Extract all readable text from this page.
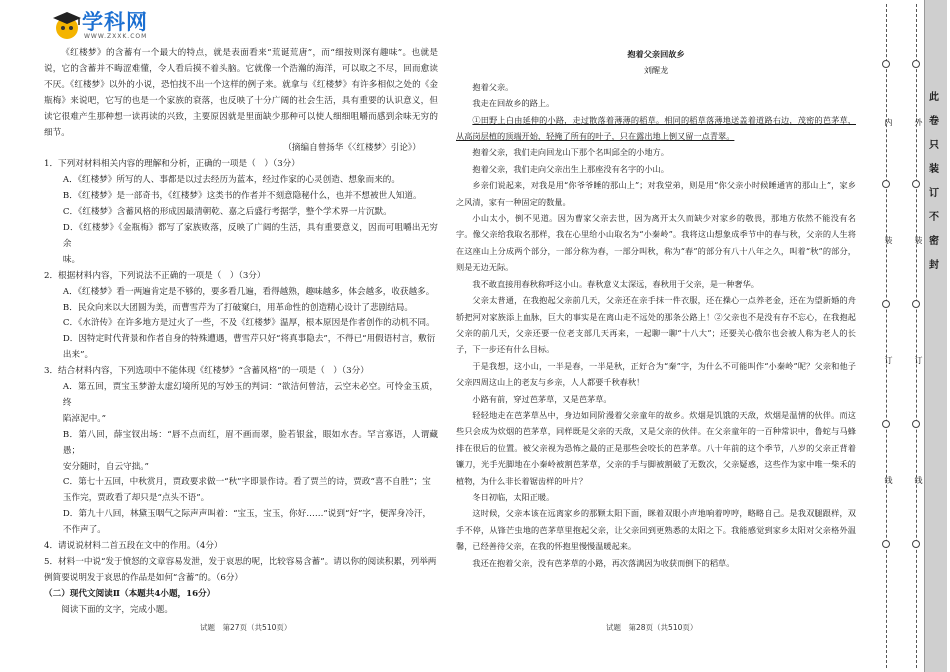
学科网
WWW.ZXXK.COM

《红楼梦》的含蓄有一个最大的特点，就是表面看来“荒诞荒唐”，而“细按则深有趣味”。也就是说，它的含蓄并不晦涩难懂，令人看后摸不着头脑。它就像一个浩瀚的海洋，可以取之不尽，回而愈读不厌。《红楼梦》以外的小说，恐怕找不出一个这样的例子来。就拿与《红楼梦》有许多相似之处的《金瓶梅》来说吧，它写的也是一个家族的衰落，也反映了十分广阔的社会生活，具有重要的认识意义，但读它很难产生那种想一读再读的兴致，主要原因就是里面缺少那种可以使人细细咀嚼而感到余味无穷的细节。

（摘编自曾扬华《〈红楼梦〉引论》）

1．下列对材料相关内容的理解和分析，正确的一项是（　）（3分）

A．《红楼梦》所写的人、事都是以过去经历为蓝本，经过作家的心灵创造、想象而来的。

B．《红楼梦》是一部奇书，《红楼梦》这类书的作者并不刻意隐秘什么，也并不想被世人知道。

C．《红楼梦》含蓄风格的形成因最清朝乾、嘉之后盛行考据学，整个学术界一片沉默。

D．《红楼梦》《金瓶梅》都写了家族败落，反映了广阔的生活，具有重要意义，因而可咀嚼出无穷余

味。

2．根据材料内容，下列说法不正确的一项是（　）（3分）

A．《红楼梦》看一两遍肯定是不够的，要多看几遍，看得越熟，趣味越多，体会越多，收获越多。

B．民众向来以大团圆为美，而曹雪芹为了打破窠臼，用革命性的创造精心设计了悲剧结局。

C．《水浒传》在许多地方是过火了一些，不及《红楼梦》温厚，根本原因是作者创作的动机不同。

D．因特定时代背景和作者自身的特殊遭遇，曹雪芹只好“将真事隐去”，不得已“用假语村言，敷衍

出来”。

3．结合材料内容，下列选项中不能体现《红楼梦》“含蓄风格”的一项是（　）（3分）

A．第五回，贾宝玉梦游太虚幻境所见的写妙玉的判词：“欲洁何曾洁，云空未必空。可怜金玉质，终

陷淖泥中。”

B．第八回，薛宝钗出场：“唇不点而红，眉不画而翠，脸若银盆，眼如水杏。罕言寡语，人谓藏愚；

安分随时，自云守拙。”

C．第七十五回，中秋赏月，贾政要求做一“秋”字即景作诗。看了贾兰的诗，贾政“喜不自胜”；宝

玉作完，贾政看了却只是“点头不语”。

D．第九十八回，林黛玉咽气之际声声叫着：“宝玉，宝玉，你好……”说到“好”字，便浑身冷汗，

不作声了。

4．请说说材料二首五段在文中的作用。（4分）

5．材料一中说“发于愤怒的文章容易发泄，发于哀思的呢，比较容易含蓄”。请以你的阅读积累，列举两

例简要说明发于哀思的作品是如何“含蓄”的。（6分）

（二）现代文阅读Ⅱ（本题共4小题，16分）

阅读下面的文字，完成小题。

抱着父亲回故乡

刘醒龙

抱着父亲。

我走在回故乡的路上。

①田野上白由延伸的小路，走过散落着薄薄的稻草。相同的稻草落薄地送盖着道路右边，茂密的芭茅草，从高岗层植的顶端开始，轻掩了所有的叶子，只在露出地上倒又留一点青翠。

抱着父亲，我们走向回龙山下那个名叫邱全的小地方。

抱着父亲，我们走向父亲出生上那座没有名字的小山。

乡亲们说起来，对我是用“你爷爷睡的那山上”；对我堂弟，则是用“你父亲小时候睡通宵的那山上”，家乡之风清，家有一种固定的数量。

小山太小，倒不见道。因为曹家父亲去世，因为离开太久而缺少对家乡的敬畏，那地方依然不能没有名字。像父亲给我取名那样，我在心里给小山取名为“小秦岭”。我将这山想象成季节中的春与秋，父亲的人生将在这座山上分成两个部分，一部分称为春，一部分叫秋，称为“春”的部分有八十八年之久，叫着“秋”的部分，则是无边无际。

我不敢直接用春秋称呼这小山。春秋意义太深远，春秋用于父亲，是一种奢华。

父亲太普通，在我抱起父亲前几天，父亲还在亲手抹一件衣服，还在操心一点养老金，还在为望新婚的舟轿把河对家族添上血脉，巨大的事实是在离山走不远处的那条公路上！②父亲也不是没有存不忘心，在我抱起父亲的前几天，父亲还要一位老支部几天再来，一起聊一聊“十八大”；还要关心俄尔也会被人称为老人的长子，下一步还有什么目标。

于是我想，这小山，一半是春，一半是秋，正好合为“秦”字，为什么不可能叫作“小秦岭”呢？父亲和他子父亲四周这山上的老友与乡亲，人人都要千秋春秋！

小路有前，穿过芭茅草，又是芭茅草。

轻轻地走在芭茅草丛中，身边如同阶漫着父亲童年的故乡。炊烟是饥饿的天敌，炊烟是温情的伙伴。而这些只会成为炊烟的芭茅草，同样既是父亲的天敌，又是父亲的伙伴。在父亲童年的一百种常识中，鲁蛇与马蜂排在很后的位置。被父亲视为恐怖之最的正是那些会咬长的芭茅草。八十年前的这个季节，八岁的父亲正背着镰刀，光手光脚地在小秦岭被割芭茅草，父亲的手与脚被割破了无数次，父亲疑惑，这些作为家中唯一柴禾的植物，为什么非长着锯齿样的叶片？

冬日初临，太阳正暖。

这时候，父亲本该在远离家乡的那颗太阳下面，眯着双眼小声地响着哼哼，略略自己。是我双腿跟样，双手不停，从锋芒虫地的芭茅草里抱起父亲，让父亲回到更熟悉的太阳之下。我能感觉到家乡太阳对父亲格外温馨，已经善待父亲，在我的怀抱里慢慢温暖起来。

我还在抱着父亲，没有芭茅草的小路，再次落满因为收获而倒下的稻草。

试题　第27页（共510页）	试题　第28页（共510页）
内
装
订
线
外
装
订
线
此
卷
只
装
订
不
密
封
